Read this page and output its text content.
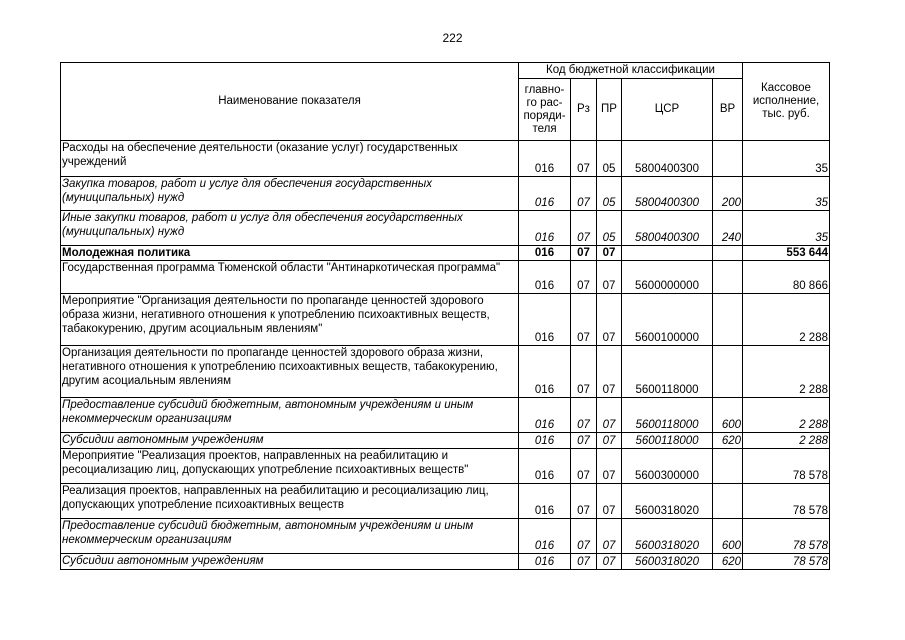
222
Наименование показателя	Код бюджетной классификации					Кассовое исполнение, тыс. руб.
	главно-го рас-поряди-теля	Рз	ПР	ЦСР	ВР	
Расходы на обеспечение деятельности (оказание услуг) государственных учреждений	016	07	05	5800400300		35
Закупка товаров, работ и услуг для обеспечения государственных (муниципальных) нужд	016	07	05	5800400300	200	35
Иные закупки товаров, работ и услуг для обеспечения государственных (муниципальных) нужд	016	07	05	5800400300	240	35
Молодежная политика	016	07	07			553 644
Государственная программа Тюменской области "Антинаркотическая программа"	016	07	07	5600000000		80 866
Мероприятие "Организация деятельности по пропаганде ценностей здорового образа жизни, негативного отношения к употреблению психоактивных веществ, табакокурению, другим асоциальным явлениям"	016	07	07	5600100000		2 288
Организация деятельности по пропаганде ценностей здорового образа жизни, негативного отношения к употреблению психоактивных веществ, табакокурению, другим асоциальным явлениям	016	07	07	5600118000		2 288
Предоставление субсидий бюджетным, автономным учреждениям и иным некоммерческим организациям	016	07	07	5600118000	600	2 288
Субсидии автономным учреждениям	016	07	07	5600118000	620	2 288
Мероприятие "Реализация проектов, направленных на реабилитацию и ресоциализацию лиц, допускающих употребление психоактивных веществ"	016	07	07	5600300000		78 578
Реализация проектов, направленных на реабилитацию и ресоциализацию лиц, допускающих употребление психоактивных веществ	016	07	07	5600318020		78 578
Предоставление субсидий бюджетным, автономным учреждениям и иным некоммерческим организациям	016	07	07	5600318020	600	78 578
Субсидии автономным учреждениям	016	07	07	5600318020	620	78 578
